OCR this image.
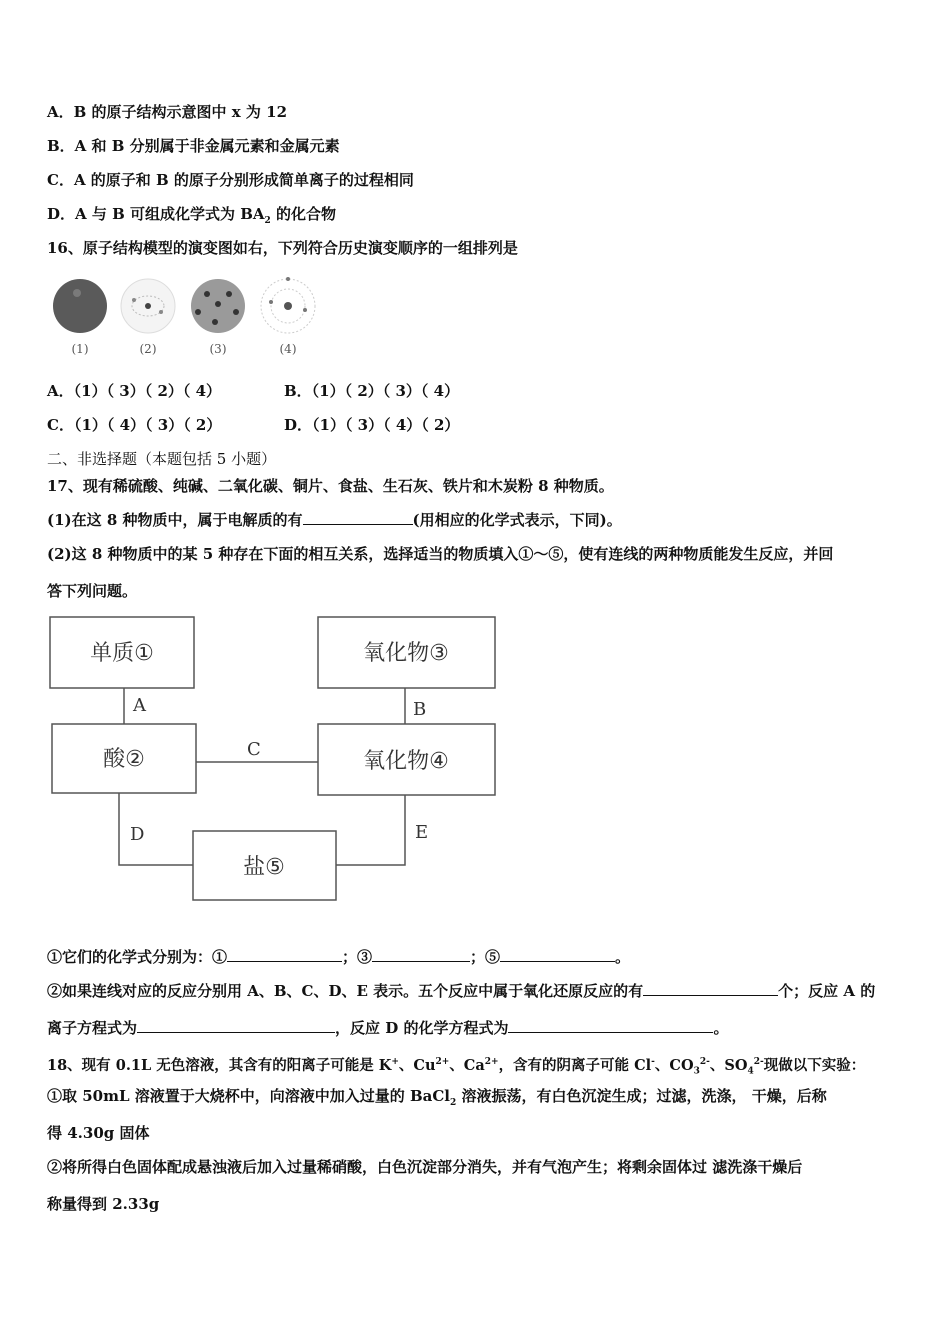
A．B 的原子结构示意图中 x 为 12
B．A 和 B 分别属于非金属元素和金属元素
C．A 的原子和 B 的原子分别形成简单离子的过程相同
D．A 与 B 可组成化学式为 $BA_2$ 的化合物
16、原子结构模型的演变图如右，下列符合历史演变顺序的一组排列是
(1)	(2)	(3)	(4)
A．（1）（ 3）（ 2）（ 4）	B．（1）（ 2）（ 3）（ 4）
C．（1）（ 4）（ 3）（ 2）	D．（1）（ 3）（ 4）（ 2）
二、非选择题（本题包括 5 小题）
17、现有稀硫酸、纯碱、二氧化碳、铜片、食盐、生石灰、铁片和木炭粉 8 种物质。
(1)在这 8 种物质中，属于电解质的有	(用相应的化学式表示，下同)。
(2)这 8 种物质中的某 5 种存在下面的相互关系，选择适当的物质填入①～⑤，使有连线的两种物质能发生反应，并回
答下列问题。
单质①	氧化物③
酸②	氧化物④
盐⑤
A	B
C
D	E
①它们的化学式分别为：①	；③	；⑤	。
②如果连线对应的反应分别用 A、B、C、D、E 表示。五个反应中属于氧化还原反应的有	个；反应 A 的
离子方程式为	，反应 D 的化学方程式为	。
18、现有 0.1L 无色溶液，其含有的阳离子可能是 K+、$Cu^{2+}$、$Ca^{2+}$，含有的阴离子可能 Cl-、$CO_3^{2-}$、$SO_4^{2-}$现做以下实验：
①取 50mL 溶液置于大烧杯中，向溶液中加入过量的 BaCl$_2$ 溶液振荡，有白色沉淀生成；过滤，洗涤， 干燥，后称
得 4.30g 固体
②将所得白色固体配成悬浊液后加入过量稀硝酸，白色沉淀部分消失，并有气泡产生；将剩余固体过 滤洗涤干燥后
称量得到 2.33g
